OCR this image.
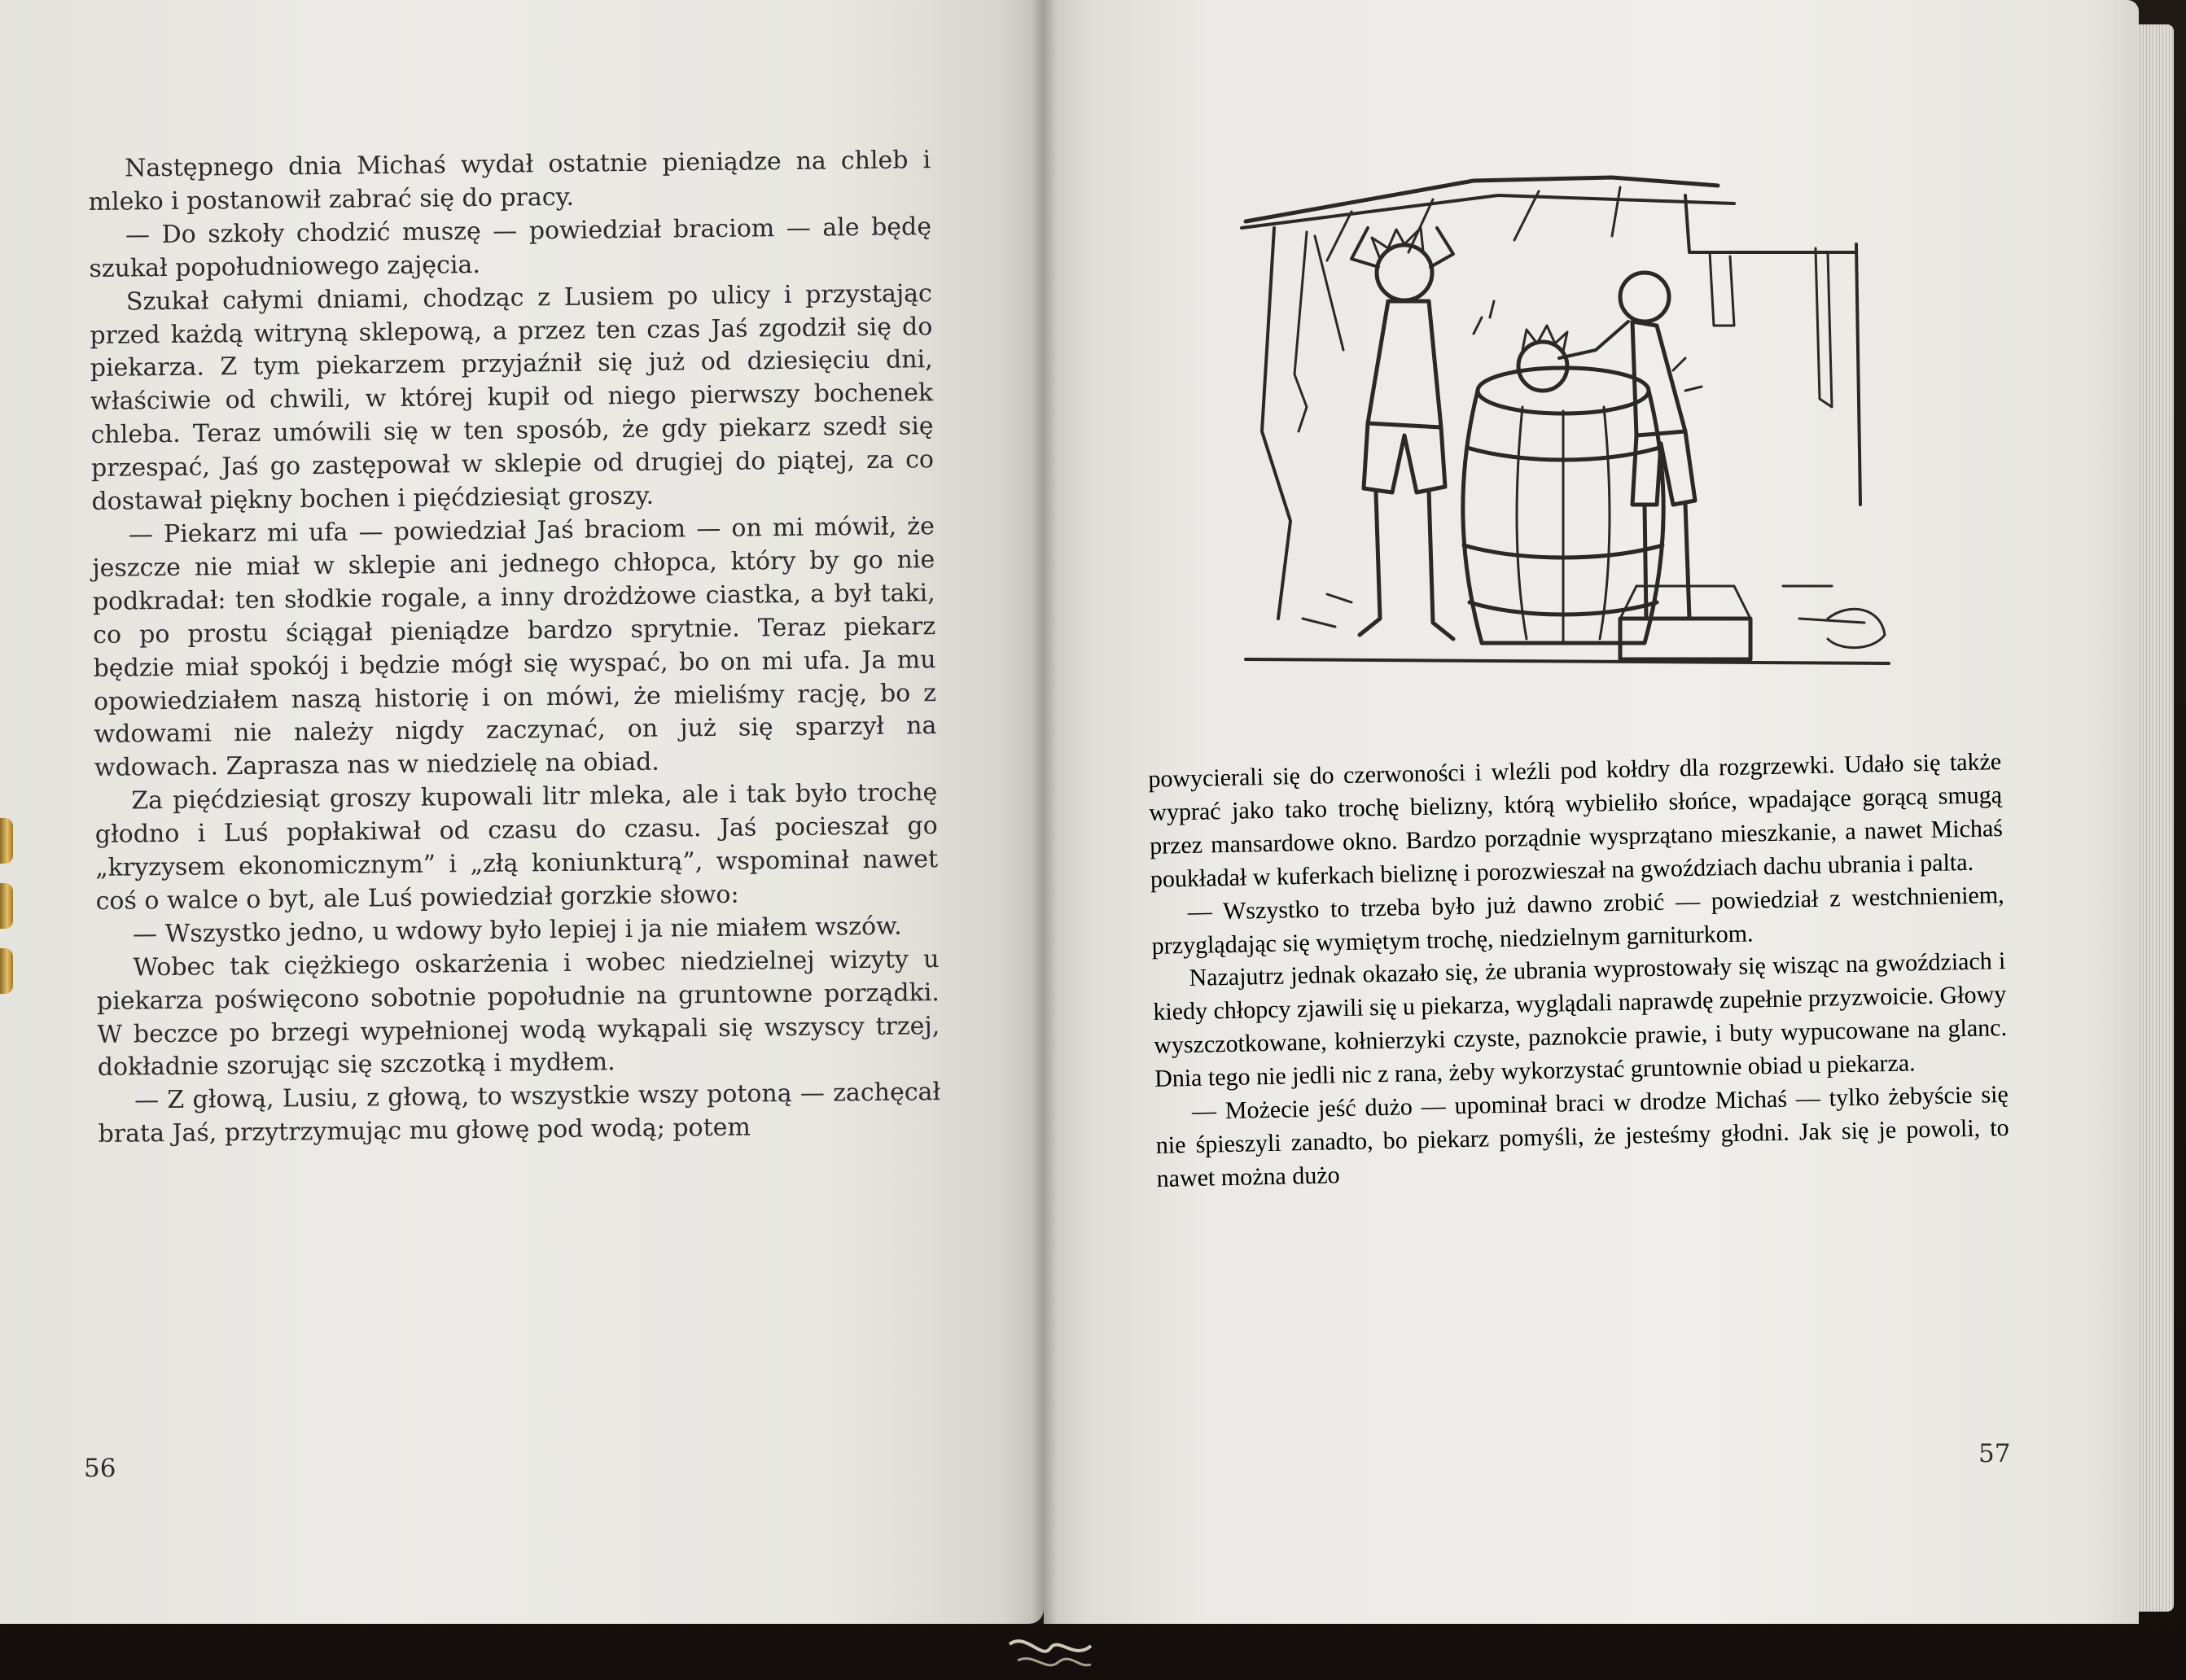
Następnego dnia Michaś wydał ostatnie pieniądze na chleb i mleko i postanowił zabrać się do pracy.

— Do szkoły chodzić muszę — powiedział braciom — ale będę szukał popołudniowego zajęcia.

Szukał całymi dniami, chodząc z Lusiem po ulicy i przystając przed każdą witryną sklepową, a przez ten czas Jaś zgodził się do piekarza. Z tym piekarzem przyjaźnił się już od dziesięciu dni, właściwie od chwili, w której kupił od niego pierwszy bochenek chleba. Teraz umówili się w ten sposób, że gdy piekarz szedł się przespać, Jaś go zastępował w sklepie od drugiej do piątej, za co dostawał piękny bochen i pięćdziesiąt groszy.

— Piekarz mi ufa — powiedział Jaś braciom — on mi mówił, że jeszcze nie miał w sklepie ani jednego chłopca, który by go nie podkradał: ten słodkie rogale, a inny drożdżowe ciastka, a był taki, co po prostu ściągał pieniądze bardzo sprytnie. Teraz piekarz będzie miał spokój i będzie mógł się wyspać, bo on mi ufa. Ja mu opowiedziałem naszą historię i on mówi, że mieliśmy rację, bo z wdowami nie należy nigdy zaczynać, on już się sparzył na wdowach. Zaprasza nas w niedzielę na obiad.

Za pięćdziesiąt groszy kupowali litr mleka, ale i tak było trochę głodno i Luś popłakiwał od czasu do czasu. Jaś pocieszał go „kryzysem ekonomicznym” i „złą koniunkturą”, wspominał nawet coś o walce o byt, ale Luś powiedział gorzkie słowo:

— Wszystko jedno, u wdowy było lepiej i ja nie miałem wszów.

Wobec tak ciężkiego oskarżenia i wobec niedzielnej wizyty u piekarza poświęcono sobotnie popołudnie na gruntowne porządki. W beczce po brzegi wypełnionej wodą wykąpali się wszyscy trzej, dokładnie szorując się szczotką i mydłem.

— Z głową, Lusiu, z głową, to wszystkie wszy potoną — zachęcał brata Jaś, przytrzymując mu głowę pod wodą; potem

56	57

powycierali się do czerwoności i wleźli pod kołdry dla rozgrzewki. Udało się także wyprać jako tako trochę bielizny, którą wybieliło słońce, wpadające gorącą smugą przez mansardowe okno. Bardzo porządnie wysprzątano mieszkanie, a nawet Michaś poukładał w kuferkach bieliznę i porozwieszał na gwoździach dachu ubrania i palta.

— Wszystko to trzeba było już dawno zrobić — powiedział z westchnieniem, przyglądając się wymiętym trochę, niedzielnym garniturkom.

Nazajutrz jednak okazało się, że ubrania wyprostowały się wisząc na gwoździach i kiedy chłopcy zjawili się u piekarza, wyglądali naprawdę zupełnie przyzwoicie. Głowy wyszczotkowane, kołnierzyki czyste, paznokcie prawie, i buty wypucowane na glanc. Dnia tego nie jedli nic z rana, żeby wykorzystać gruntownie obiad u piekarza.

— Możecie jeść dużo — upominał braci w drodze Michaś — tylko żebyście się nie śpieszyli zanadto, bo piekarz pomyśli, że jesteśmy głodni. Jak się je powoli, to nawet można dużo
